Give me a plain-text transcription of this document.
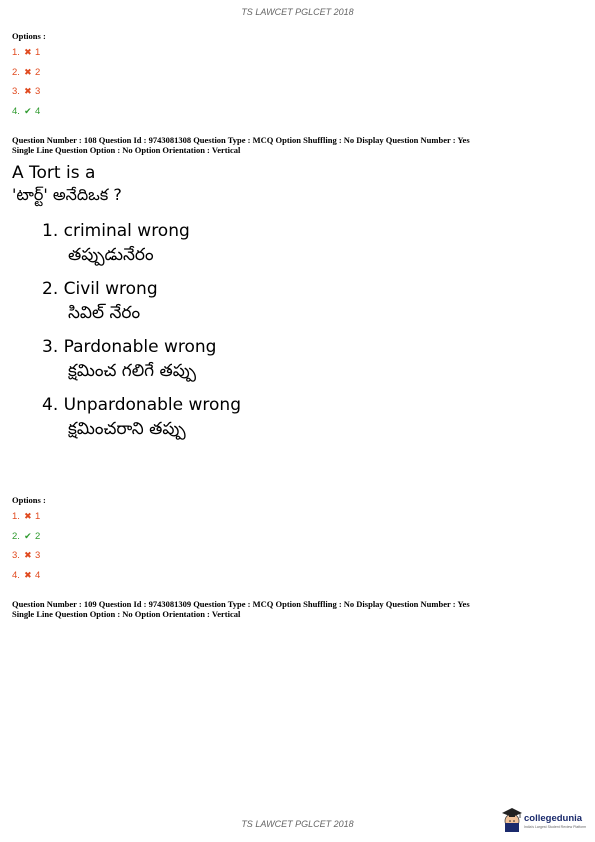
TS LAWCET PGLCET 2018
Options :
1. ✖ 1
2. ✖ 2
3. ✖ 3
4. ✔ 4
Question Number : 108 Question Id : 9743081308 Question Type : MCQ Option Shuffling : No Display Question Number : Yes
Single Line Question Option : No Option Orientation : Vertical
A Tort is a
'టార్ట్' అనేదిఒక ?
1. criminal wrong
తప్పుడునేరం
2. Civil wrong
సివిల్ నేరం
3. Pardonable wrong
క్షమించ గలిగే తప్పు
4. Unpardonable wrong
క్షమించరాని తప్పు
Options :
1. ✖ 1
2. ✔ 2
3. ✖ 3
4. ✖ 4
Question Number : 109 Question Id : 9743081309 Question Type : MCQ Option Shuffling : No Display Question Number : Yes
Single Line Question Option : No Option Orientation : Vertical
TS LAWCET PGLCET 2018	collegedunia
India's Largest Student Review Platform
